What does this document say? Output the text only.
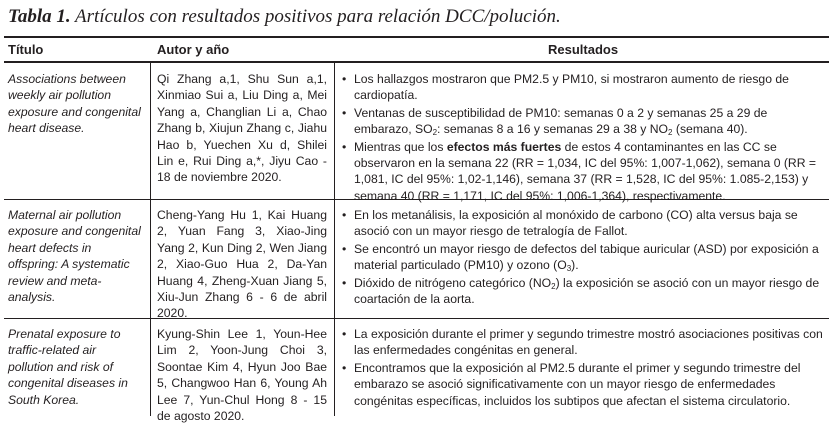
Tabla 1. Artículos con resultados positivos para relación DCC/polución.
Título	Autor y año	Resultados
Associations between weekly air pollution exposure and congenital heart disease.
Qi Zhang a,1, Shu Sun a,1, Xinmiao Sui a, Liu Ding a, Mei Yang a, Changlian Li a, Chao Zhang b, Xiujun Zhang c, Jiahu Hao b, Yuechen Xu d, Shilei Lin e, Rui Ding a,*, Jiyu Cao - 18 de noviembre 2020.

• Los hallazgos mostraron que PM2.5 y PM10, si mostraron aumento de riesgo de cardiopatía.

• Ventanas de susceptibilidad de PM10: semanas 0 a 2 y semanas 25 a 29 de embarazo, $SO_2$: semanas 8 a 16 y semanas 29 a 38 y $NO_2$ (semana 40).

• Mientras que los efectos más fuertes de estos 4 contaminantes en las CC se observaron en la semana 22 (RR = 1,034, IC del 95%: 1,007-1,062), semana 0 (RR = 1,081, IC del 95%: 1,02-1,146), semana 37 (RR = 1,528, IC del 95%: 1.085-2,153) y semana 40 (RR = 1,171, IC del 95%: 1,006-1,364), respectivamente.

Maternal air pollution exposure and congenital heart defects in offspring: A systematic review and meta-analysis.
Cheng-Yang Hu 1, Kai Huang 2, Yuan Fang 3, Xiao-Jing Yang 2, Kun Ding 2, Wen Jiang 2, Xiao-Guo Hua 2, Da-Yan Huang 4, Zheng-Xuan Jiang 5, Xiu-Jun Zhang 6 - 6 de abril 2020.

• En los metanálisis, la exposición al monóxido de carbono (CO) alta versus baja se asoció con un mayor riesgo de tetralogía de Fallot.

• Se encontró un mayor riesgo de defectos del tabique auricular (ASD) por exposición a material particulado (PM10) y ozono $(O_3)$.

• Dióxido de nitrógeno categórico $(NO_2)$ la exposición se asoció con un mayor riesgo de coartación de la aorta.

Prenatal exposure to traffic-related air pollution and risk of congenital diseases in South Korea.
Kyung-Shin Lee 1, Youn-Hee Lim 2, Yoon-Jung Choi 3, Soontae Kim 4, Hyun Joo Bae 5, Changwoo Han 6, Young Ah Lee 7, Yun-Chul Hong 8 - 15 de agosto 2020.

• La exposición durante el primer y segundo trimestre mostró asociaciones positivas con las enfermedades congénitas en general.

• Encontramos que la exposición al PM2.5 durante el primer y segundo trimestre del embarazo se asoció significativamente con un mayor riesgo de enfermedades congénitas específicas, incluidos los subtipos que afectan el sistema circulatorio.
